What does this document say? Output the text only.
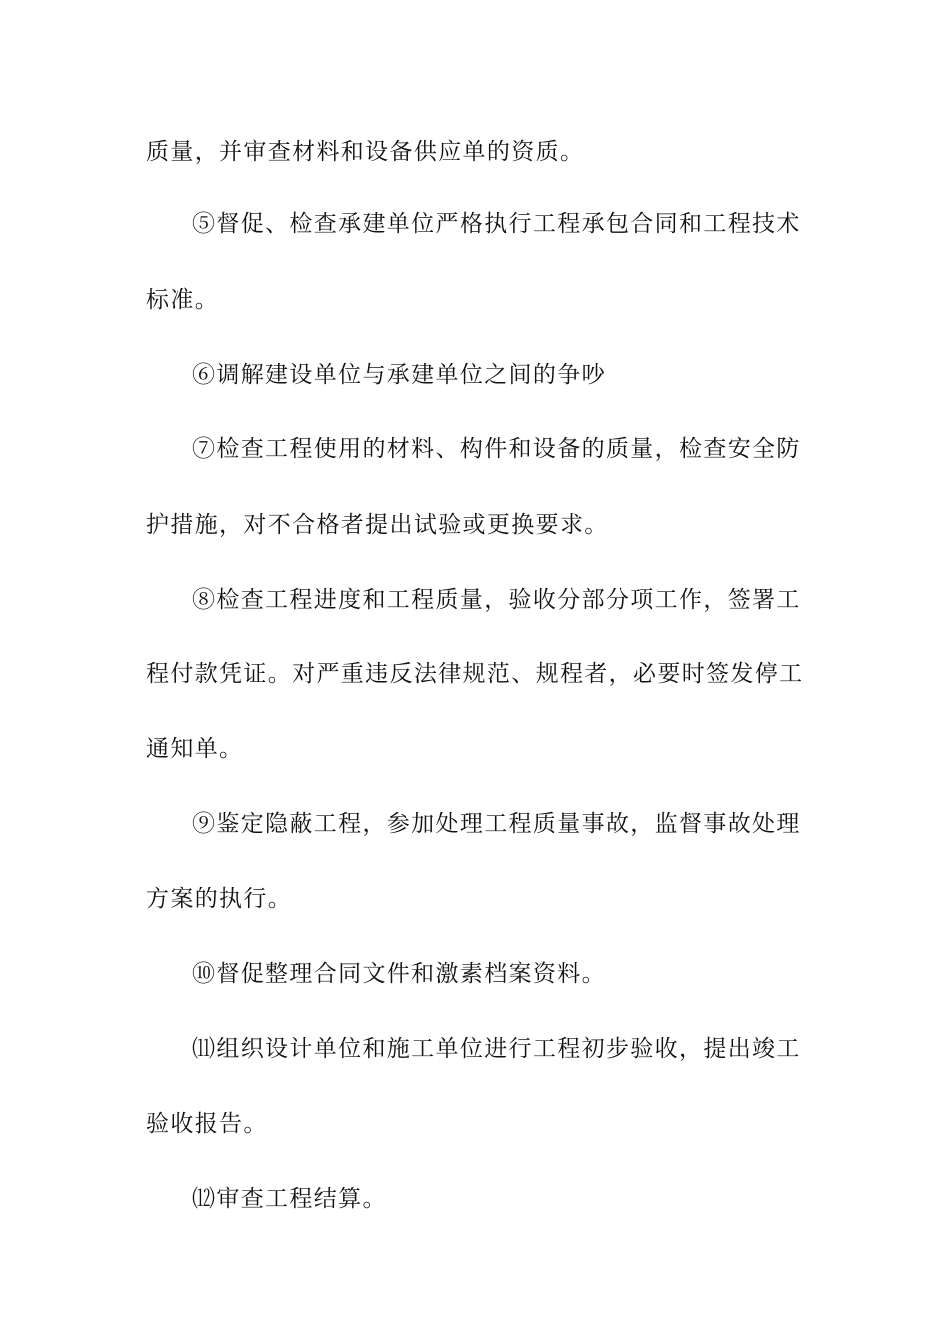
质量，并审查材料和设备供应单的资质。
⑤督促、检查承建单位严格执行工程承包合同和工程技术
标准。
⑥调解建设单位与承建单位之间的争吵
⑦检查工程使用的材料、构件和设备的质量，检查安全防
护措施，对不合格者提出试验或更换要求。
⑧检查工程进度和工程质量，验收分部分项工作，签署工
程付款凭证。对严重违反法律规范、规程者，必要时签发停工
通知单。
⑨鉴定隐蔽工程，参加处理工程质量事故，监督事故处理
方案的执行。
⑩督促整理合同文件和激素档案资料。
⑾组织设计单位和施工单位进行工程初步验收，提出竣工
验收报告。
⑿审查工程结算。
